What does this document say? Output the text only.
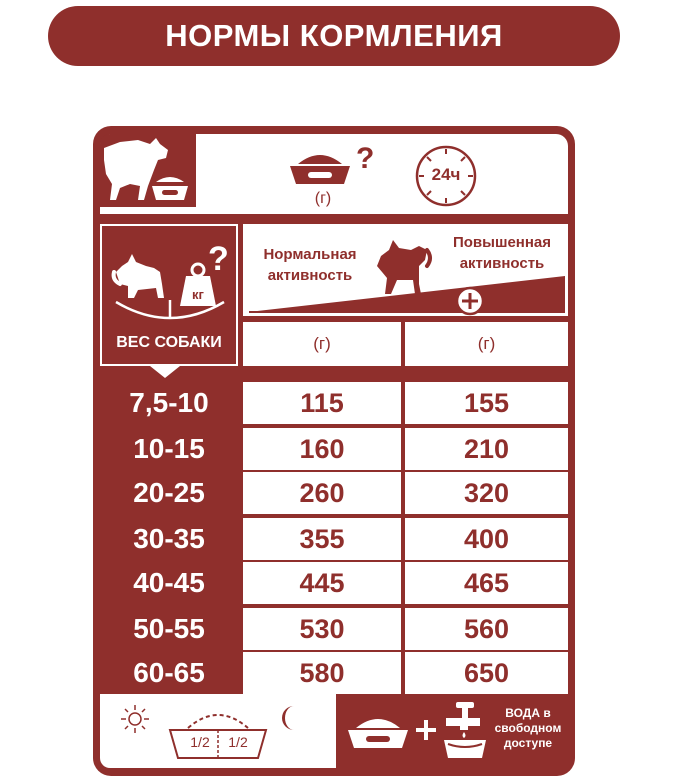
НОРМЫ КОРМЛЕНИЯ
?
(г)
24ч
?
кг
ВЕС СОБАКИ
Нормальная активность
Повышенная активность
(г)	(г)
7,5-10	115	155
10-15	160	210
20-25	260	320
30-35	355	400
40-45	445	465
50-55	530	560
60-65	580	650
1/2	1/2
ВОДА в свободном доступе
